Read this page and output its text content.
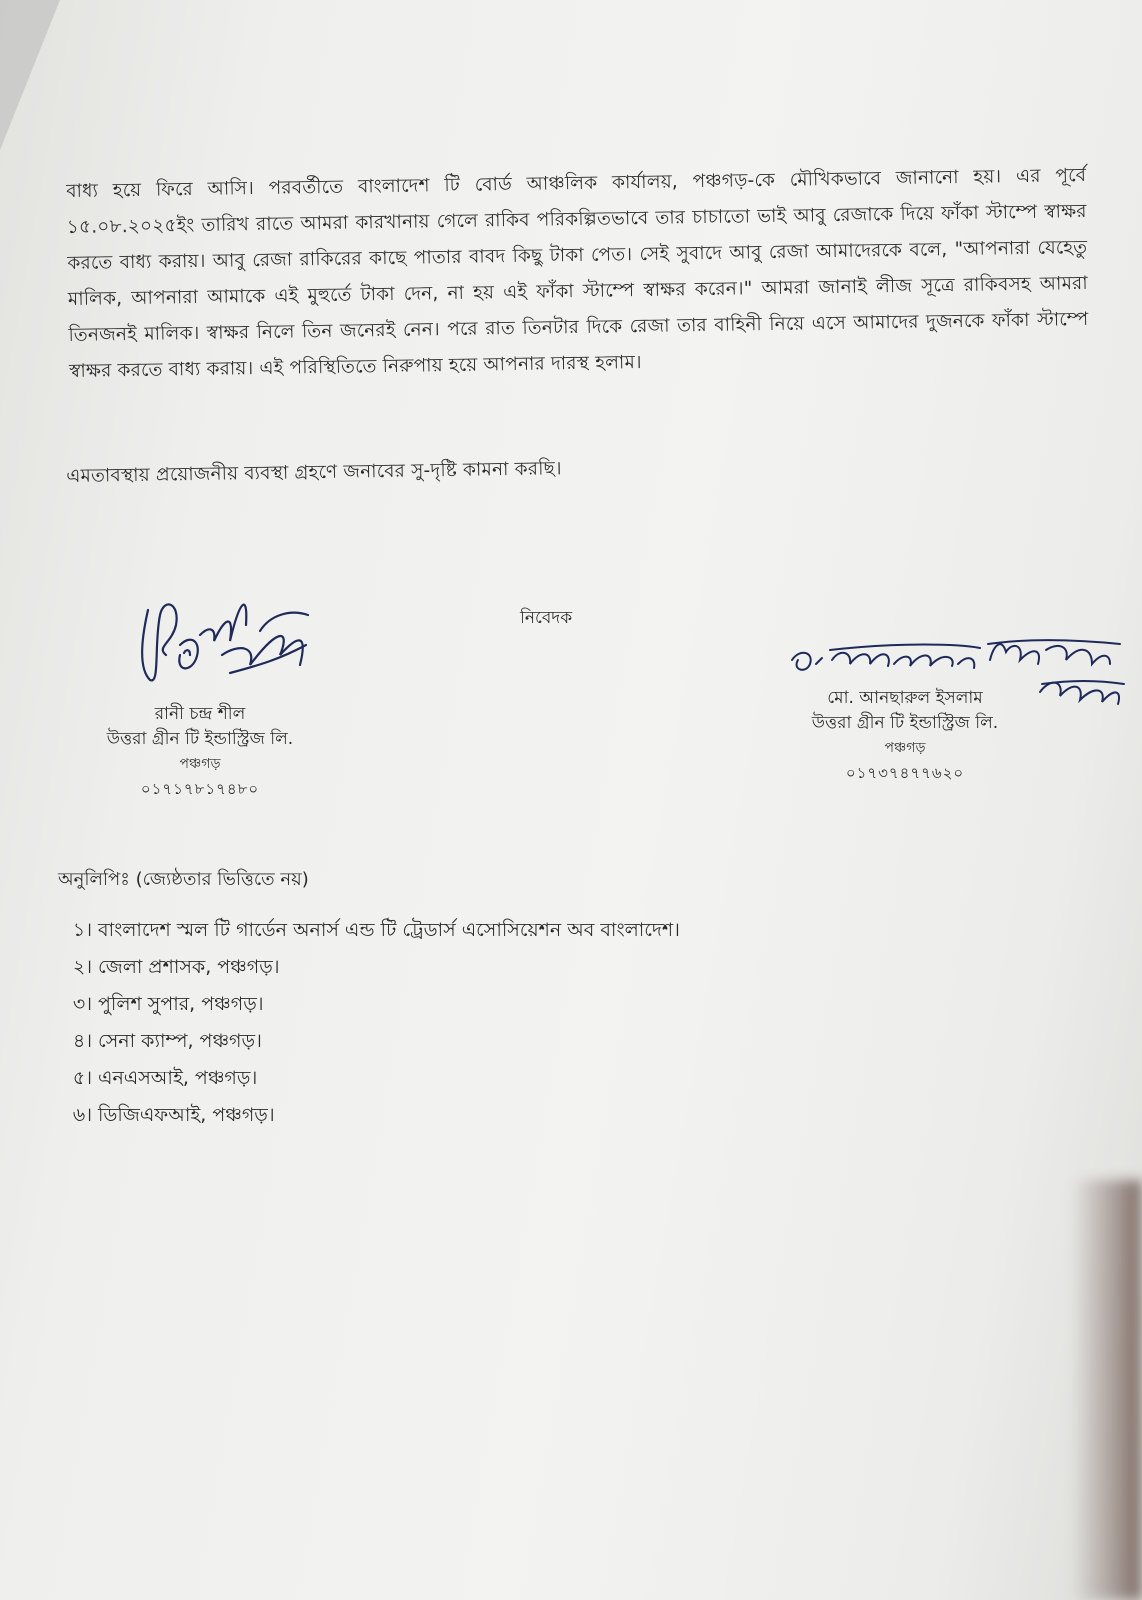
বাধ্য হয়ে ফিরে আসি। পরবর্তীতে বাংলাদেশ টি বোর্ড আঞ্চলিক কার্যালয়, পঞ্চগড়-কে মৌখিকভাবে জানানো হয়। এর পূর্বে ১৫.০৮.২০২৫ইং তারিখ রাতে আমরা কারখানায় গেলে রাকিব পরিকল্পিতভাবে তার চাচাতো ভাই আবু রেজাকে দিয়ে ফাঁকা স্টাম্পে স্বাক্ষর করতে বাধ্য করায়। আবু রেজা রাকিরের কাছে পাতার বাবদ কিছু টাকা পেত। সেই সুবাদে আবু রেজা আমাদেরকে বলে, "আপনারা যেহেতু মালিক, আপনারা আমাকে এই মুহুর্তে টাকা দেন, না হয় এই ফাঁকা স্টাম্পে স্বাক্ষর করেন।" আমরা জানাই লীজ সূত্রে রাকিবসহ আমরা তিনজনই মালিক। স্বাক্ষর নিলে তিন জনেরই নেন। পরে রাত তিনটার দিকে রেজা তার বাহিনী নিয়ে এসে আমাদের দুজনকে ফাঁকা স্টাম্পে স্বাক্ষর করতে বাধ্য করায়। এই পরিস্থিতিতে নিরুপায় হয়ে আপনার দারস্থ হলাম।

এমতাবস্থায় প্রয়োজনীয় ব্যবস্থা গ্রহণে জনাবের সু-দৃষ্টি কামনা করছি।

নিবেদক
রানী চন্দ্র শীল
উত্তরা গ্রীন টি ইন্ডাস্ট্রিজ লি.
পঞ্চগড়
০১৭১৭৮১৭৪৮০
মো. আনছারুল ইসলাম
উত্তরা গ্রীন টি ইন্ডাস্ট্রিজ লি.
পঞ্চগড়
০১৭৩৭৪৭৭৬২০
অনুলিপিঃ (জ্যেষ্ঠতার ভিত্তিতে নয়)
১। বাংলাদেশ স্মল টি গার্ডেন অনার্স এন্ড টি ট্রেডার্স এসোসিয়েশন অব বাংলাদেশ।
২। জেলা প্রশাসক, পঞ্চগড়।
৩। পুলিশ সুপার, পঞ্চগড়।
৪। সেনা ক্যাম্প, পঞ্চগড়।
৫। এনএসআই, পঞ্চগড়।
৬। ডিজিএফআই, পঞ্চগড়।
